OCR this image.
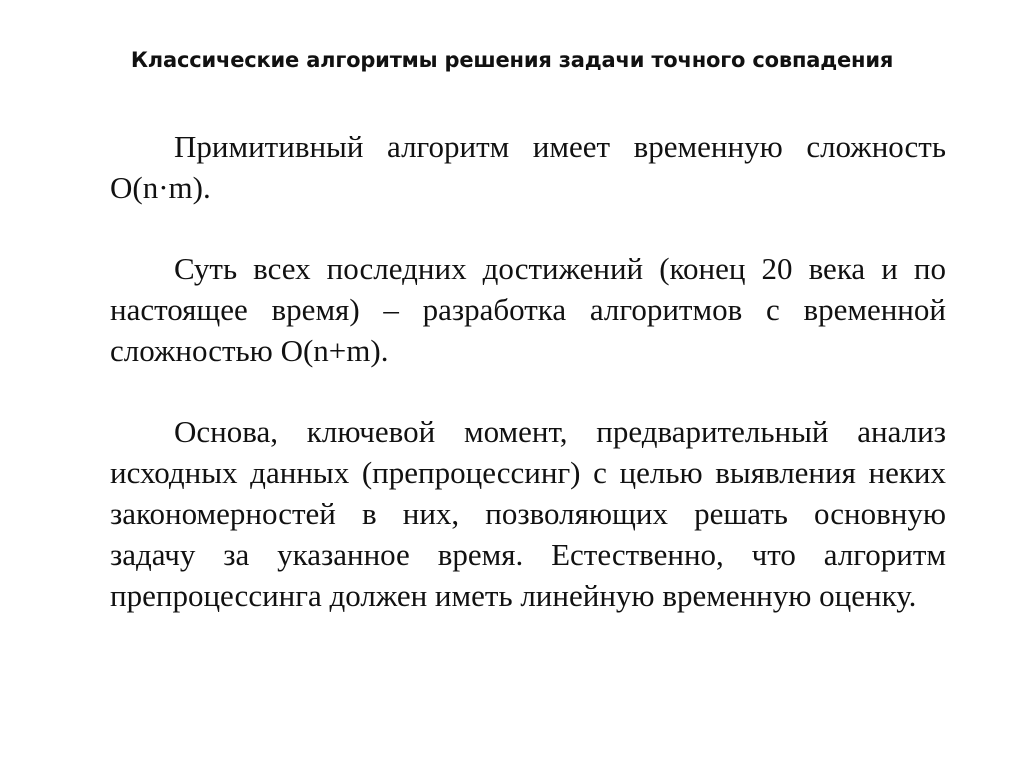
Классические алгоритмы решения задачи точного совпадения

Примитивный алгоритм имеет временную сложность O(n·m).

Суть всех последних достижений (конец 20 века и по настоящее время) – разработка алгоритмов с временной сложностью O(n+m).

Основа, ключевой момент, предварительный анализ исходных данных (препроцессинг) с целью выявления неких закономерностей в них, позволяющих решать основную задачу за указанное время. Естественно, что алгоритм препроцессинга должен иметь линейную временную оценку.
